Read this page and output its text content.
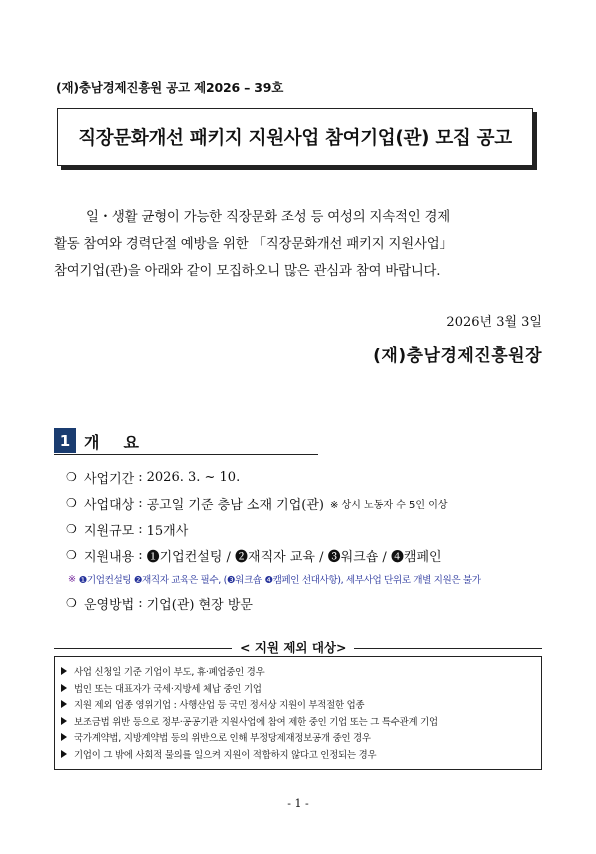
(재)충남경제진흥원 공고 제2026 – 39호
직장문화개선 패키지 지원사업 참여기업(관) 모집 공고

일・생활 균형이 가능한 직장문화 조성 등 여성의 지속적인 경제

활동 참여와 경력단절 예방을 위한 「직장문화개선 패키지 지원사업」

참여기업(관)을 아래와 같이 모집하오니 많은 관심과 참여 바랍니다.

2026년 3월 3일
(재)충남경제진흥원장
1 개요
❍ 사업기간 : 2026. 3. ~ 10.
❍ 사업대상 : 공고일 기준 충남 소재 기업(관) ※ 상시 노동자 수 5인 이상
❍ 지원규모 : 15개사
❍ 지원내용 : ❶기업컨설팅 / ❷재직자 교육 / ❸워크숍 / ❹캠페인
※ ❶기업컨설팅 ❷재직자 교육은 필수, (❸워크숍 ❹캠페인 선대사항), 세부사업 단위로 개별 지원은 불가
❍ 운영방법 : 기업(관) 현장 방문
< 지원 제외 대상>
사업 신청일 기준 기업이 부도, 휴‧폐업중인 경우
법인 또는 대표자가 국세‧지방세 체납 중인 기업
지원 제외 업종 영위기업 : 사행산업 등 국민 정서상 지원이 부적절한 업종
보조금법 위반 등으로 정부‧공공기관 지원사업에 참여 제한 중인 기업 또는 그 특수관계 기업
국가계약법, 지방계약법 등의 위반으로 인해 부정당제재정보공개 중인 경우
기업이 그 밖에 사회적 물의를 일으켜 지원이 적합하지 않다고 인정되는 경우
- 1 -
